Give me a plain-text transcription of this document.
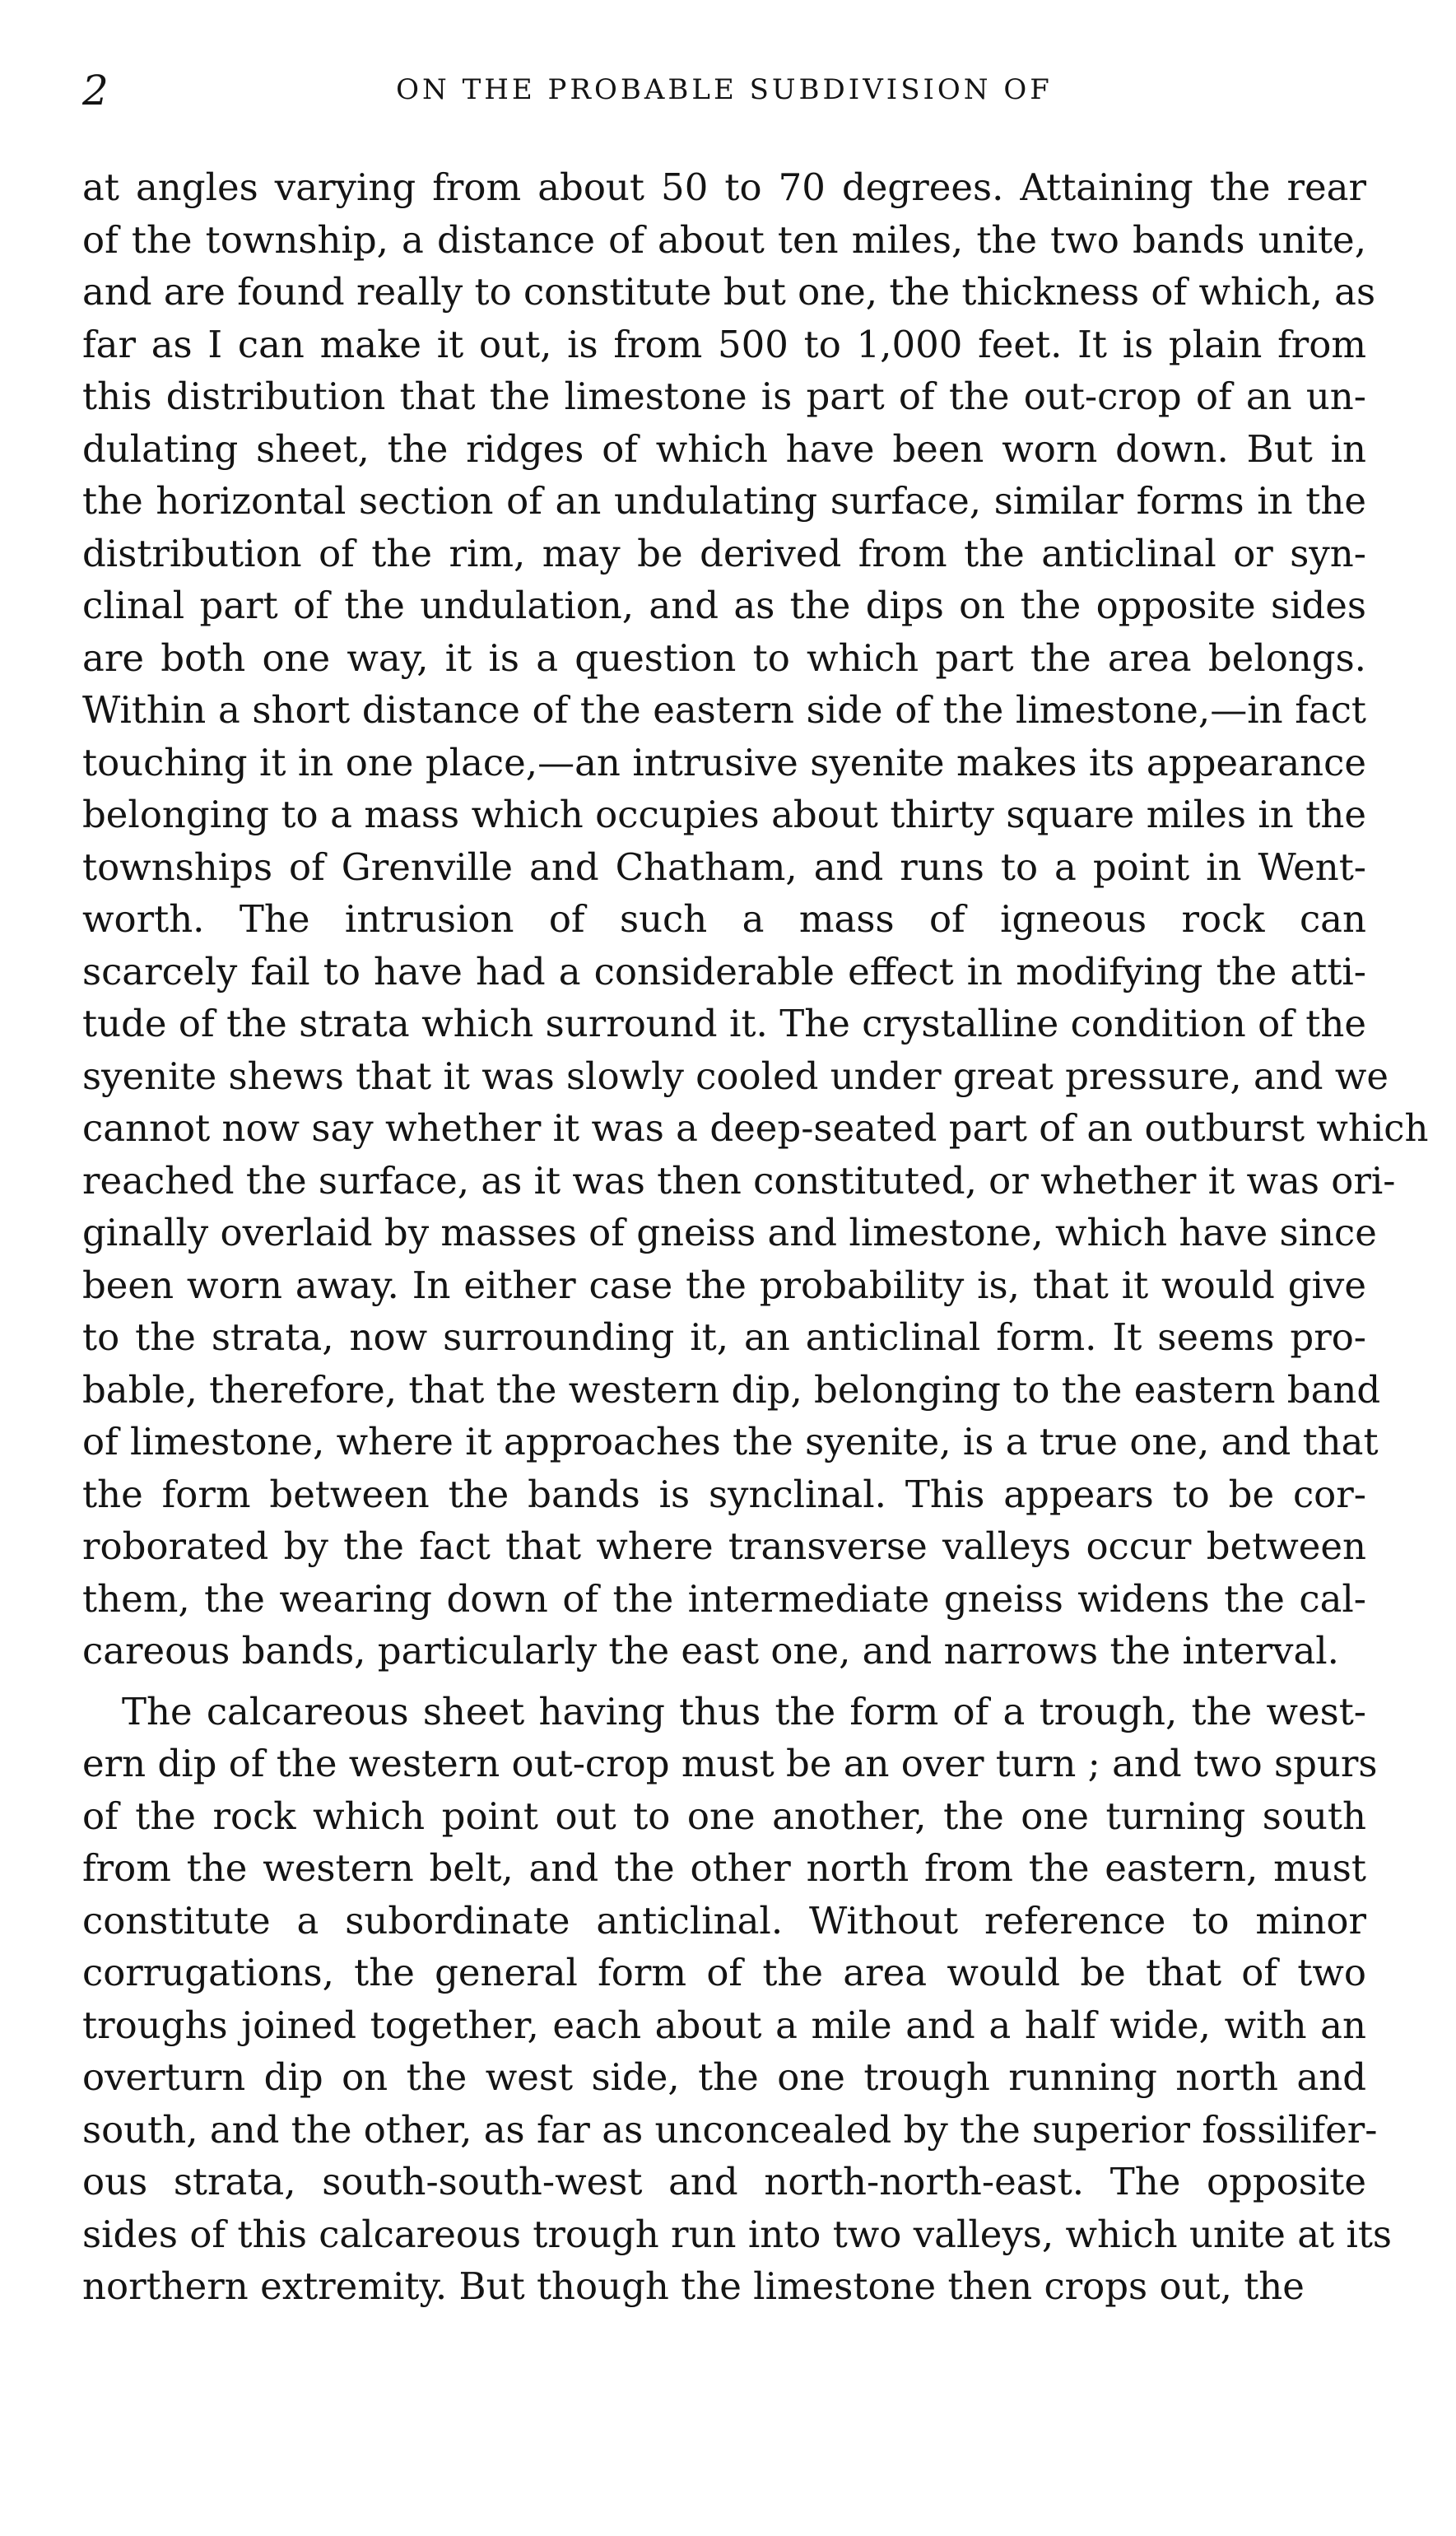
2	ON THE PROBABLE SUBDIVISION OF

at angles varying from about 50 to 70 degrees. Attaining the rear
of the township, a distance of about ten miles, the two bands unite,
and are found really to constitute but one, the thickness of which, as
far as I can make it out, is from 500 to 1,000 feet. It is plain from
this distribution that the limestone is part of the out-crop of an un-
dulating sheet, the ridges of which have been worn down. But in
the horizontal section of an undulating surface, similar forms in the
distribution of the rim, may be derived from the anticlinal or syn-
clinal part of the undulation, and as the dips on the opposite sides
are both one way, it is a question to which part the area belongs.
Within a short distance of the eastern side of the limestone,—in fact
touching it in one place,—an intrusive syenite makes its appearance
belonging to a mass which occupies about thirty square miles in the
townships of Grenville and Chatham, and runs to a point in Went-
worth. The intrusion of such a mass of igneous rock can
scarcely fail to have had a considerable effect in modifying the atti-
tude of the strata which surround it. The crystalline condition of the
syenite shews that it was slowly cooled under great pressure, and we
cannot now say whether it was a deep-seated part of an outburst which
reached the surface, as it was then constituted, or whether it was ori-
ginally overlaid by masses of gneiss and limestone, which have since
been worn away. In either case the probability is, that it would give
to the strata, now surrounding it, an anticlinal form. It seems pro-
bable, therefore, that the western dip, belonging to the eastern band
of limestone, where it approaches the syenite, is a true one, and that
the form between the bands is synclinal. This appears to be cor-
roborated by the fact that where transverse valleys occur between
them, the wearing down of the intermediate gneiss widens the cal-
careous bands, particularly the east one, and narrows the interval.

The calcareous sheet having thus the form of a trough, the west-
ern dip of the western out-crop must be an over turn ; and two spurs
of the rock which point out to one another, the one turning south
from the western belt, and the other north from the eastern, must
constitute a subordinate anticlinal. Without reference to minor
corrugations, the general form of the area would be that of two
troughs joined together, each about a mile and a half wide, with an
overturn dip on the west side, the one trough running north and
south, and the other, as far as unconcealed by the superior fossilifer-
ous strata, south-south-west and north-north-east. The opposite
sides of this calcareous trough run into two valleys, which unite at its
northern extremity. But though the limestone then crops out, the
